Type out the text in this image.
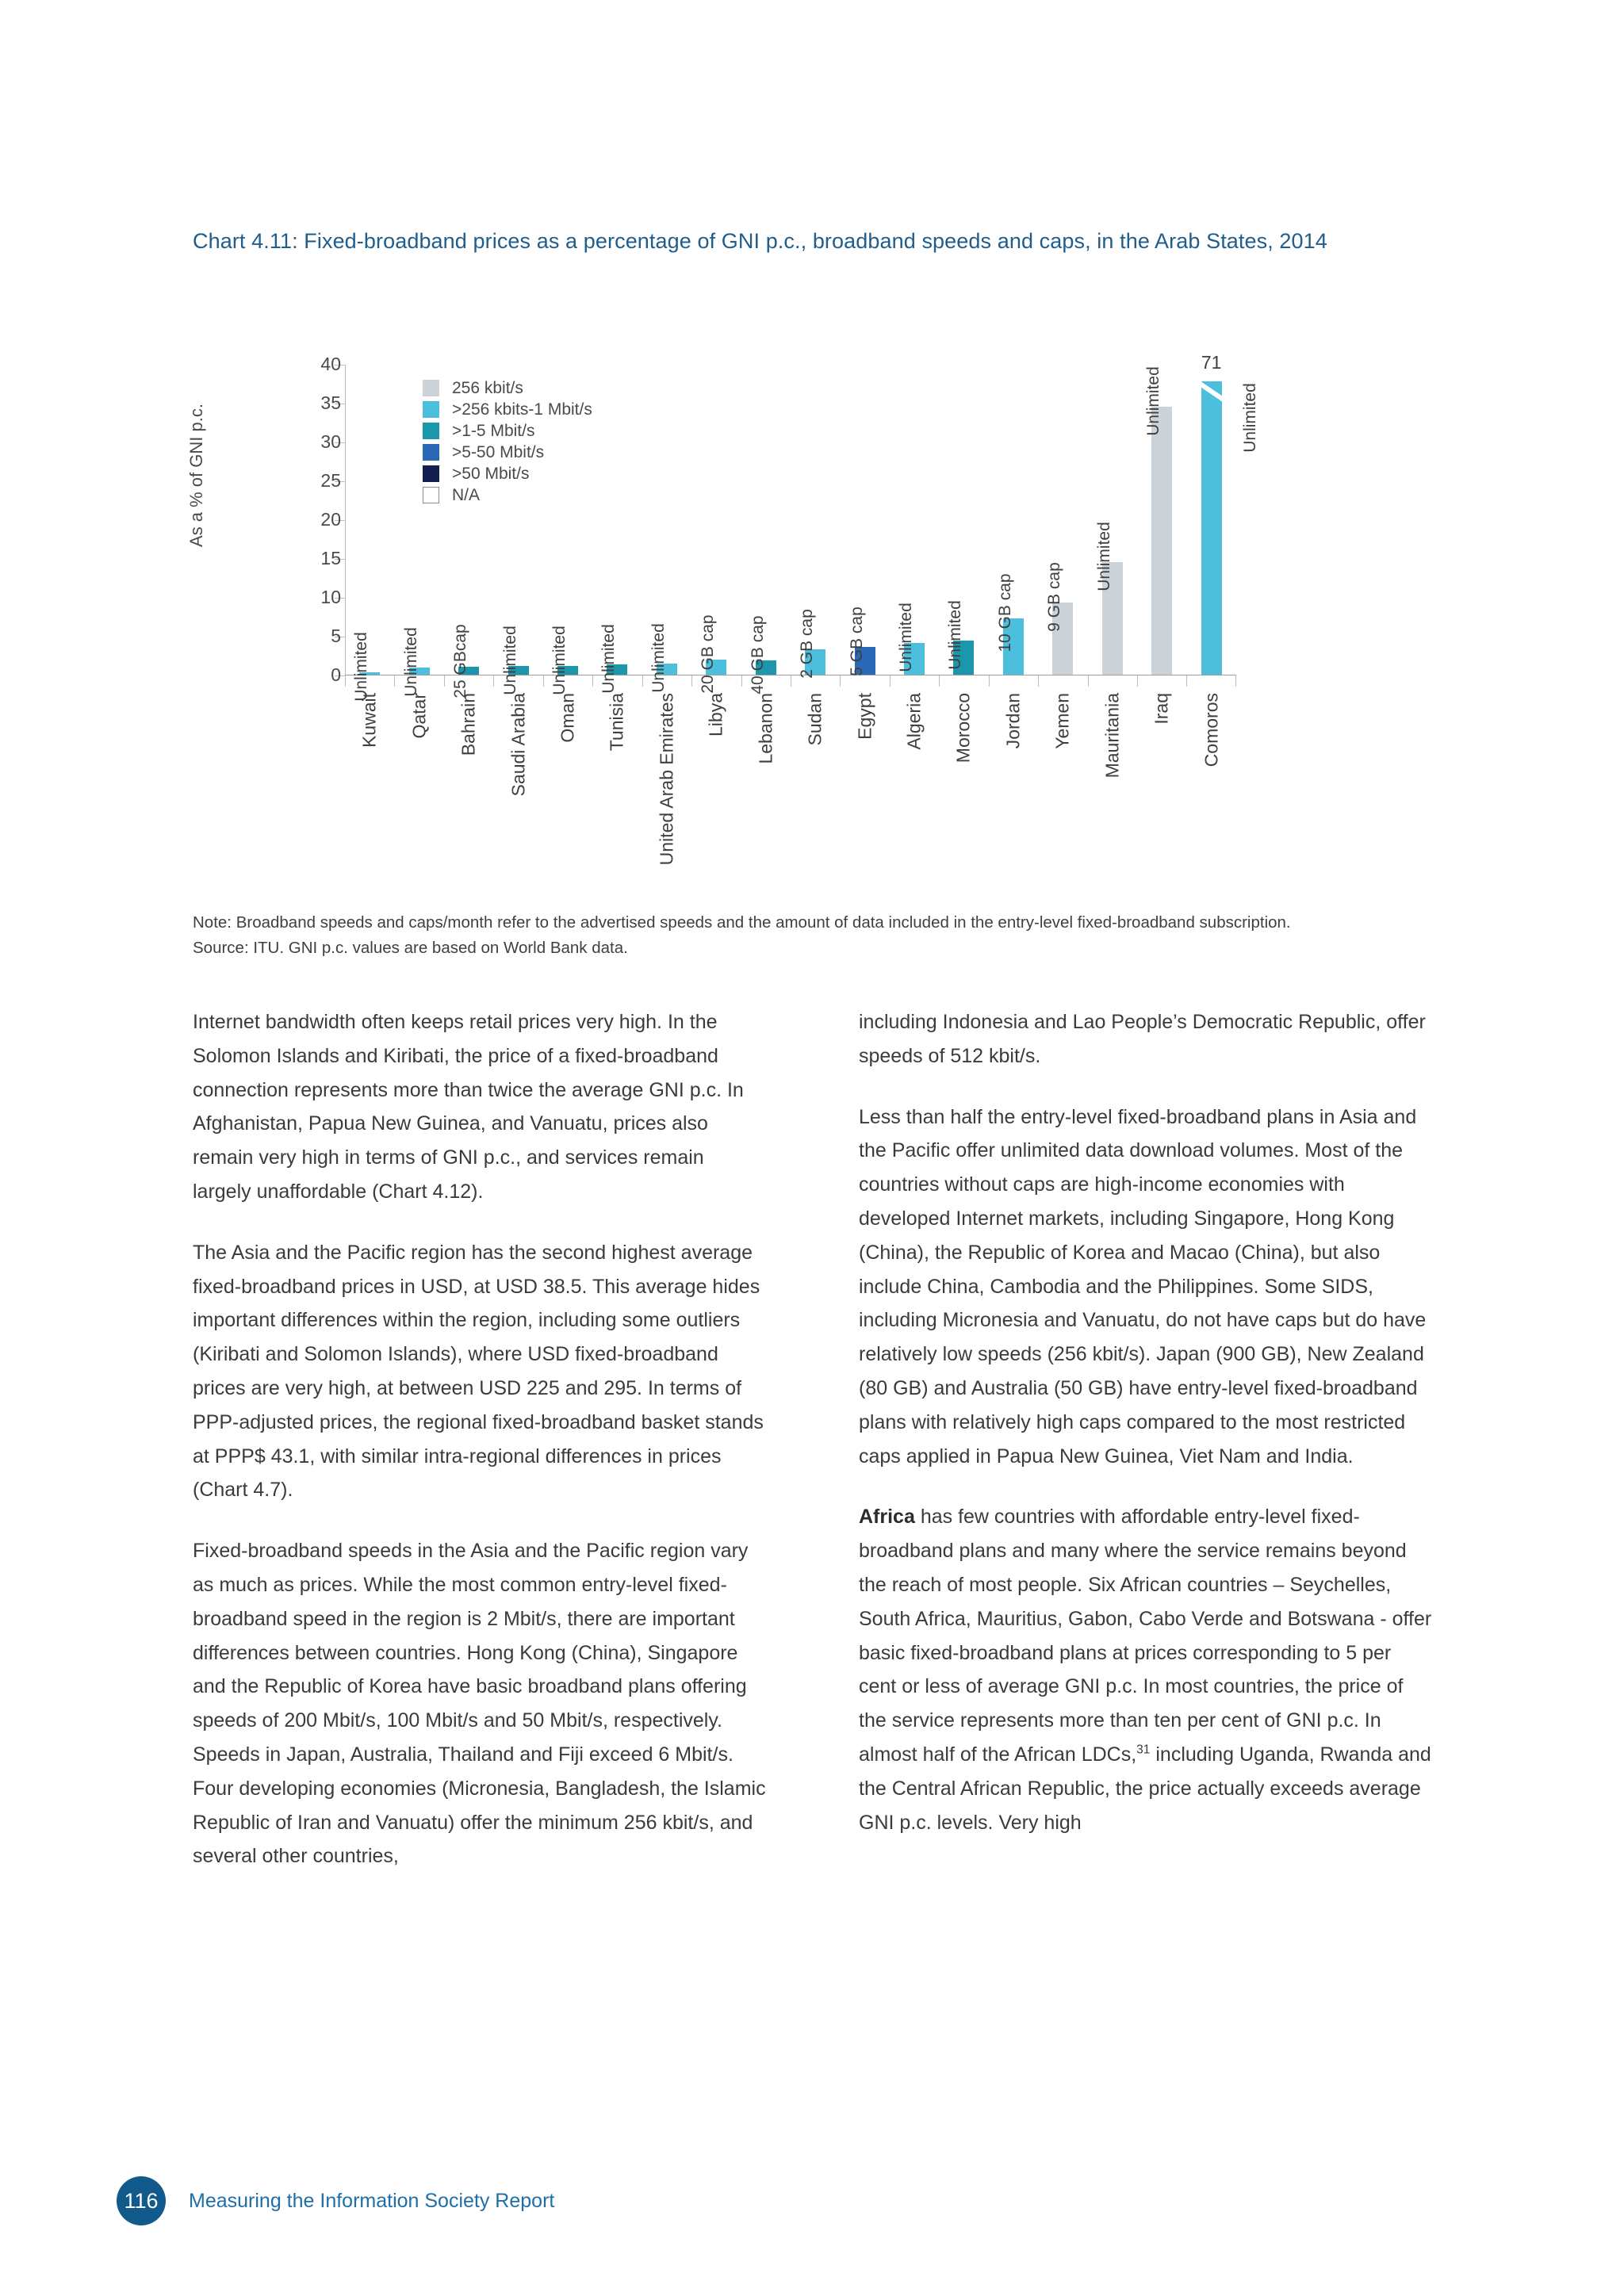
Chart 4.11: Fixed-broadband prices as a percentage of GNI p.c., broadband speeds and caps, in the Arab States, 2014
As a % of GNI p.c.
256 kbit/s
>256 kbits-1 Mbit/s
>1-5 Mbit/s
>5-50 Mbit/s
>50 Mbit/s
N/A
0
5
10
15
20
25
30
35
40
Unlimited Unlimited 25 GBcap Unlimited Unlimited Unlimited Unlimited 20 GB cap 40 GB cap 2 GB cap 5 GB cap Unlimited Unlimited 10 GB cap 9 GB cap
Unlimited
Unlimited
71
Unlimited
Kuwait Qatar Bahrain Saudi Arabia Oman Tunisia United Arab Emirates Libya Lebanon Sudan Egypt Algeria Morocco Jordan Yemen Mauritania Iraq Comoros

Note: Broadband speeds and caps/month refer to the advertised speeds and the amount of data included in the entry-level fixed-broadband subscription.

Source: ITU. GNI p.c. values are based on World Bank data.

Internet bandwidth often keeps retail prices very high. In the Solomon Islands and Kiribati, the price of a fixed-broadband connection represents more than twice the average GNI p.c. In Afghanistan, Papua New Guinea, and Vanuatu, prices also remain very high in terms of GNI p.c., and services remain largely unaffordable (Chart 4.12).

The Asia and the Pacific region has the second highest average fixed-broadband prices in USD, at USD 38.5. This average hides important differences within the region, including some outliers (Kiribati and Solomon Islands), where USD fixed-broadband prices are very high, at between USD 225 and 295. In terms of PPP-adjusted prices, the regional fixed-broadband basket stands at PPP$ 43.1, with similar intra-regional differences in prices (Chart 4.7).

Fixed-broadband speeds in the Asia and the Pacific region vary as much as prices. While the most common entry-level fixed-broadband speed in the region is 2 Mbit/s, there are important differences between countries. Hong Kong (China), Singapore and the Republic of Korea have basic broadband plans offering speeds of 200 Mbit/s, 100 Mbit/s and 50 Mbit/s, respectively. Speeds in Japan, Australia, Thailand and Fiji exceed 6 Mbit/s. Four developing economies (Micronesia, Bangladesh, the Islamic Republic of Iran and Vanuatu) offer the minimum 256 kbit/s, and several other countries,

including Indonesia and Lao People’s Democratic Republic, offer speeds of 512 kbit/s.

Less than half the entry-level fixed-broadband plans in Asia and the Pacific offer unlimited data download volumes. Most of the countries without caps are high-income economies with developed Internet markets, including Singapore, Hong Kong (China), the Republic of Korea and Macao (China), but also include China, Cambodia and the Philippines. Some SIDS, including Micronesia and Vanuatu, do not have caps but do have relatively low speeds (256 kbit/s). Japan (900 GB), New Zealand (80 GB) and Australia (50 GB) have entry-level fixed-broadband plans with relatively high caps compared to the most restricted caps applied in Papua New Guinea, Viet Nam and India.

Africa has few countries with affordable entry-level fixed-broadband plans and many where the service remains beyond the reach of most people. Six African countries – Seychelles, South Africa, Mauritius, Gabon, Cabo Verde and Botswana - offer basic fixed-broadband plans at prices corresponding to 5 per cent or less of average GNI p.c. In most countries, the price of the service represents more than ten per cent of GNI p.c. In almost half of the African LDCs,$^{31}$ including Uganda, Rwanda and the Central African Republic, the price actually exceeds average GNI p.c. levels. Very high

116	Measuring the Information Society Report
